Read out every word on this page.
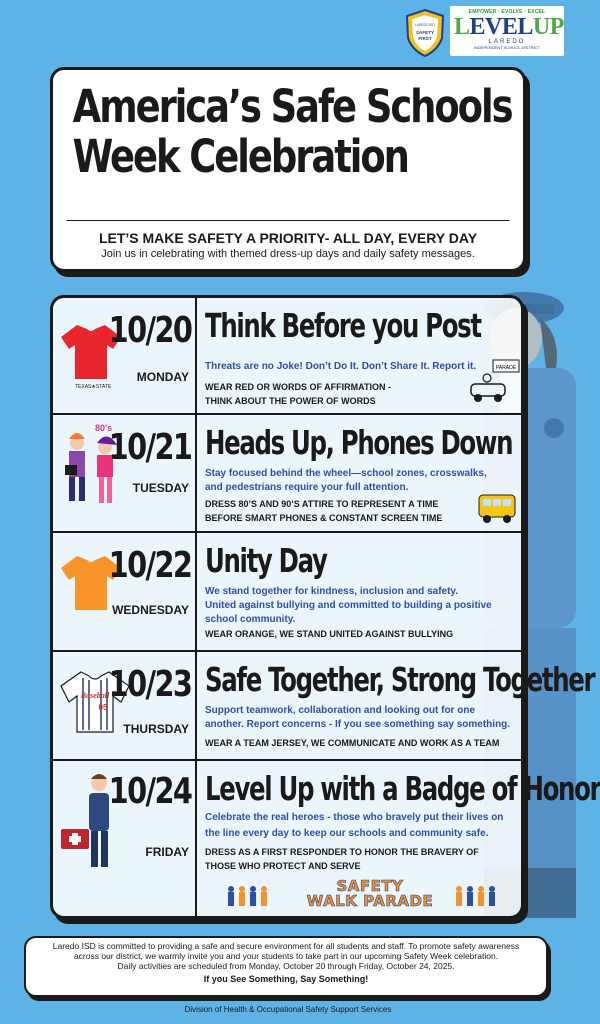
LAREDO ISD
SAFETY
FIRST
EMPOWER · EVOLVE · EXCEL
LEVELUP
LAREDO
INDEPENDENT SCHOOL DISTRICT
America’s Safe Schools
Week Celebration
LET’S MAKE SAFETY A PRIORITY- ALL DAY, EVERY DAY
Join us in celebrating with themed dress-up days and daily safety messages.
TEXAS★STATE
10/20
MONDAY
Think Before you Post
Threats are no Joke! Don’t Do It. Don’t Share It. Report it.
WEAR RED OR WORDS OF AFFIRMATION -
THINK ABOUT THE POWER OF WORDS
PARADE
80's
10/21
TUESDAY
Heads Up, Phones Down
Stay focused behind the wheel—school zones, crosswalks,
and pedestrians require your full attention.
DRESS 80’S AND 90’S ATTIRE TO REPRESENT A TIME
BEFORE SMART PHONES & CONSTANT SCREEN TIME
10/22
WEDNESDAY
Unity Day
We stand together for kindness, inclusion and safety.
United against bullying and committed to building a positive
school community.
WEAR ORANGE, WE STAND UNITED AGAINST BULLYING
Baseball
05
10/23
THURSDAY
Safe Together, Strong Together
Support teamwork, collaboration and looking out for one
another. Report concerns - If you see something say something.
WEAR A TEAM JERSEY, WE COMMUNICATE AND WORK AS A TEAM
10/24
FRIDAY
Level Up with a Badge of Honor
Celebrate the real heroes - those who bravely put their lives on
the line every day to keep our schools and community safe.
DRESS AS A FIRST RESPONDER TO HONOR THE BRAVERY OF
THOSE WHO PROTECT AND SERVE
SAFETY
WALK PARADE
Laredo ISD is committed to providing a safe and secure environment for all students and staff. To promote safety awareness
across our district, we warmly invite you and your students to take part in our upcoming Safety Week celebration.
Daily activities are scheduled from Monday, October 20 through Friday, October 24, 2025.
If you See Something, Say Something!
Division of Health & Occupational Safety Support Services
